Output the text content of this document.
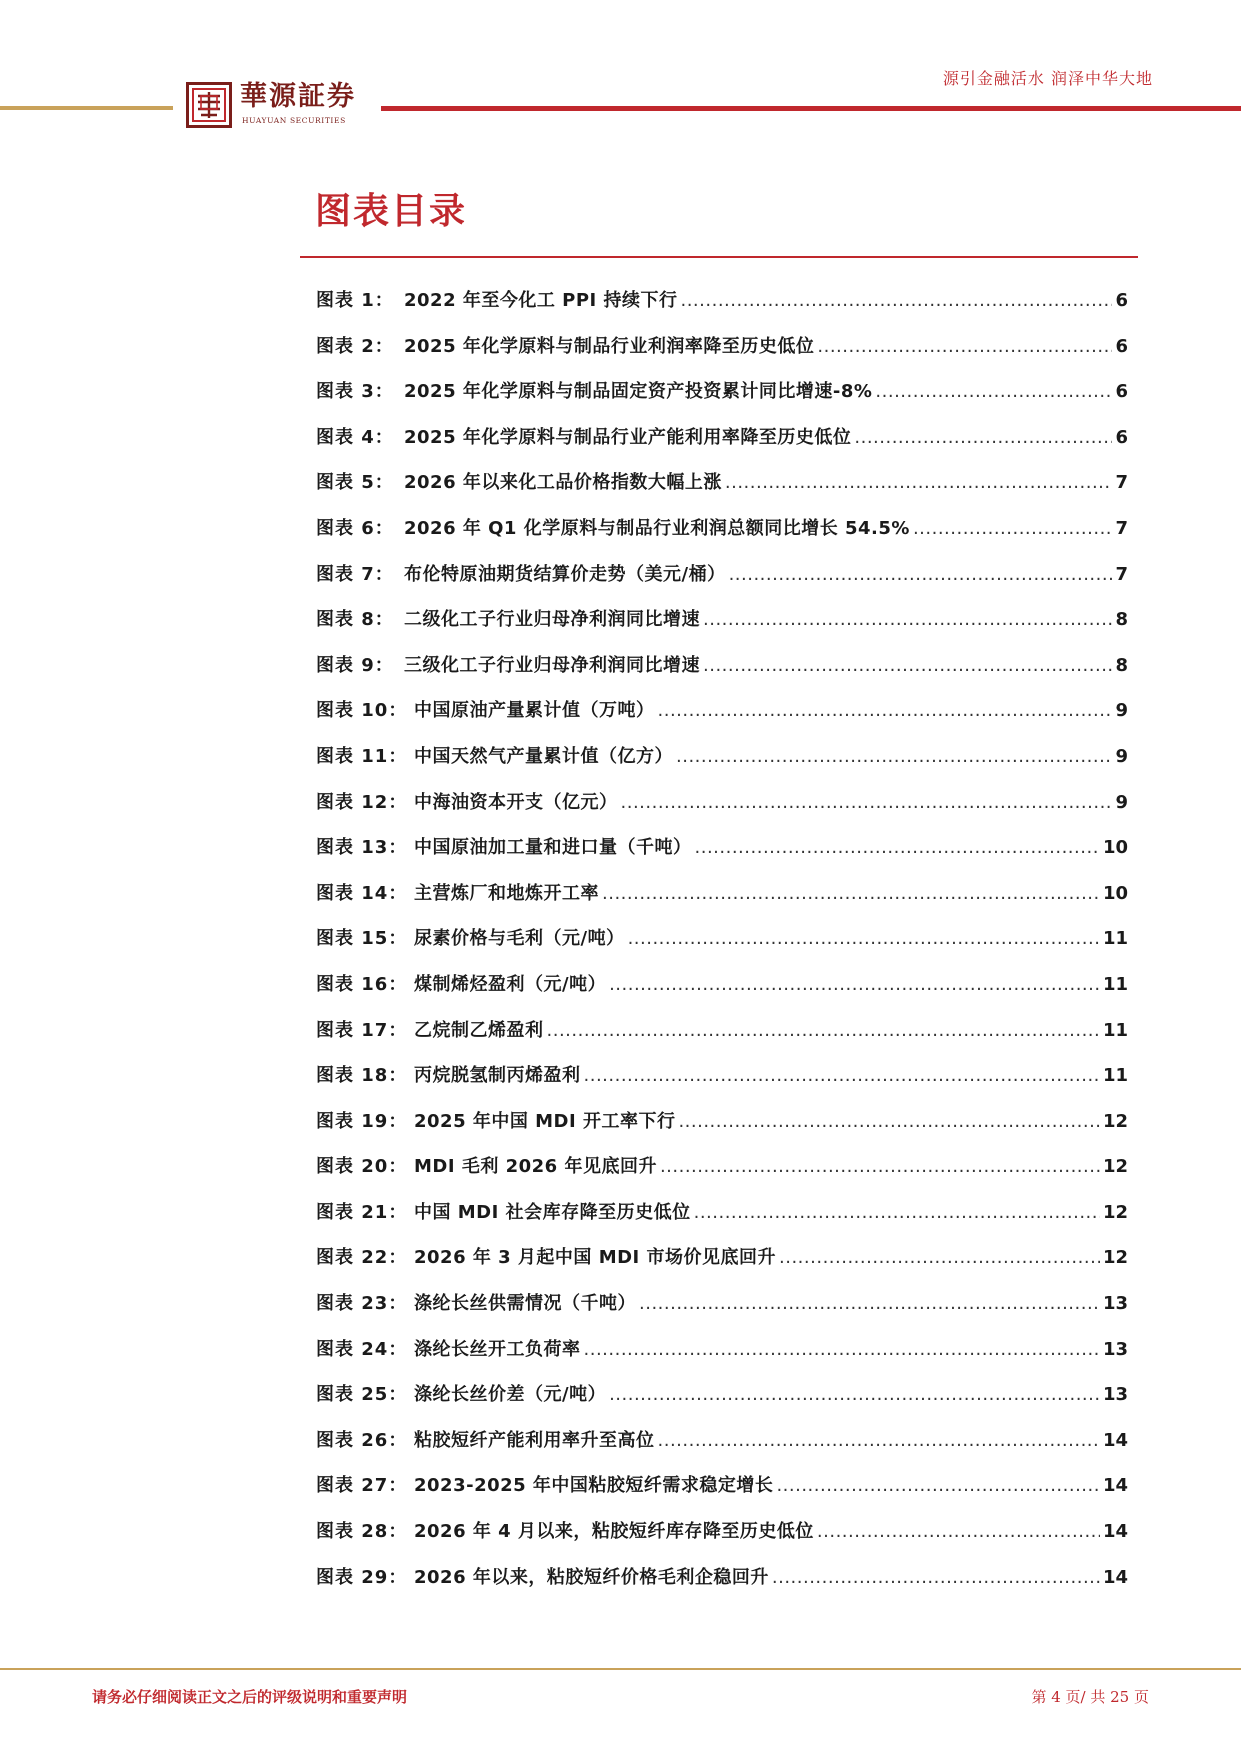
源引金融活水 润泽中华大地
華源証券
HUAYUAN SECURITIES
图表目录
图表 1： 2022 年至今化工 PPI 持续下行 .....	6
图表 2： 2025 年化学原料与制品行业利润率降至历史低位 .....	6
图表 3： 2025 年化学原料与制品固定资产投资累计同比增速-8% .....	6
图表 4： 2025 年化学原料与制品行业产能利用率降至历史低位 .....	6
图表 5： 2026 年以来化工品价格指数大幅上涨 .....	7
图表 6： 2026 年 Q1 化学原料与制品行业利润总额同比增长 54.5% .....	7
图表 7： 布伦特原油期货结算价走势（美元/桶） .....	7
图表 8： 二级化工子行业归母净利润同比增速 .....	8
图表 9： 三级化工子行业归母净利润同比增速 .....	8
图表 10： 中国原油产量累计值（万吨） .....	9
图表 11： 中国天然气产量累计值（亿方） .....	9
图表 12： 中海油资本开支（亿元） .....	9
图表 13： 中国原油加工量和进口量（千吨） .....	10
图表 14： 主营炼厂和地炼开工率 .....	10
图表 15： 尿素价格与毛利（元/吨） .....	11
图表 16： 煤制烯烃盈利（元/吨） .....	11
图表 17： 乙烷制乙烯盈利 .....	11
图表 18： 丙烷脱氢制丙烯盈利 .....	11
图表 19： 2025 年中国 MDI 开工率下行 .....	12
图表 20： MDI 毛利 2026 年见底回升 .....	12
图表 21： 中国 MDI 社会库存降至历史低位 .....	12
图表 22： 2026 年 3 月起中国 MDI 市场价见底回升 .....	12
图表 23： 涤纶长丝供需情况（千吨） .....	13
图表 24： 涤纶长丝开工负荷率 .....	13
图表 25： 涤纶长丝价差（元/吨） .....	13
图表 26： 粘胶短纤产能利用率升至高位 .....	14
图表 27： 2023-2025 年中国粘胶短纤需求稳定增长 .....	14
图表 28： 2026 年 4 月以来，粘胶短纤库存降至历史低位 .....	14
图表 29： 2026 年以来，粘胶短纤价格毛利企稳回升 .....	14
请务必仔细阅读正文之后的评级说明和重要声明	第 4 页/ 共 25 页
